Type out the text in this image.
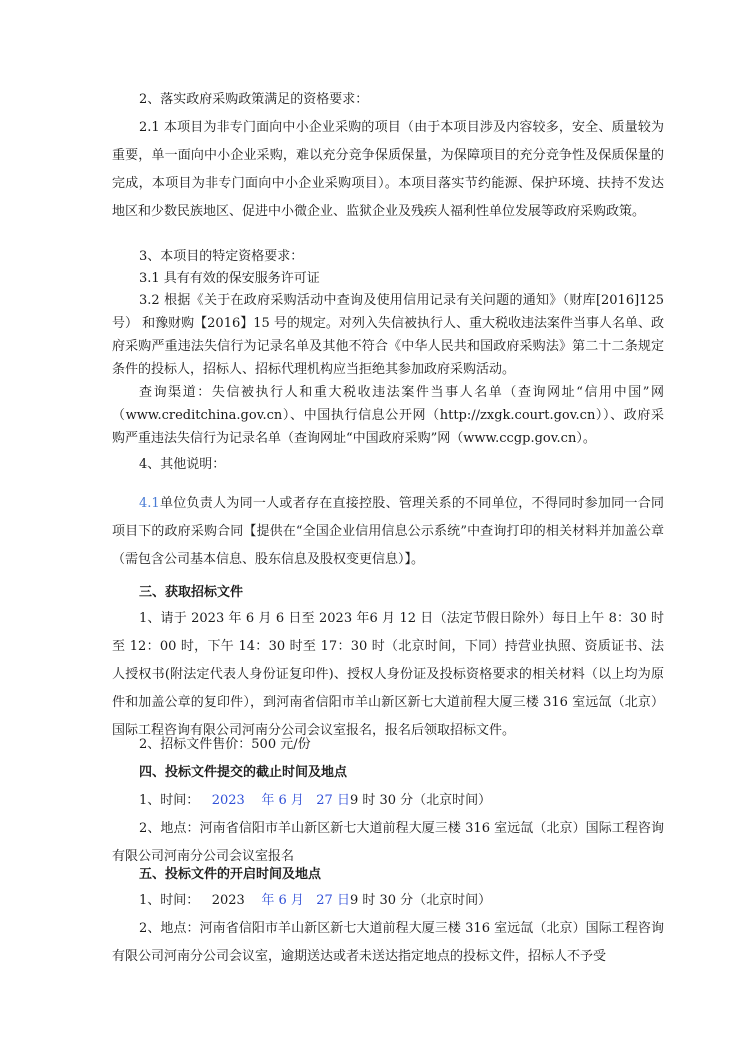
2、落实政府采购政策满足的资格要求：

2.1 本项目为非专门面向中小企业采购的项目（由于本项目涉及内容较多，安全、质量较为重要，单一面向中小企业采购，难以充分竞争保质保量，为保障项目的充分竞争性及保质保量的完成，本项目为非专门面向中小企业采购项目）。本项目落实节约能源、保护环境、扶持不发达地区和少数民族地区、促进中小微企业、监狱企业及残疾人福利性单位发展等政府采购政策。

3、本项目的特定资格要求：

3.1 具有有效的保安服务许可证

3.2 根据《关于在政府采购活动中查询及使用信用记录有关问题的通知》（财库[2016]125 号） 和豫财购【2016】15 号的规定。对列入失信被执行人、重大税收违法案件当事人名单、政府采购严重违法失信行为记录名单及其他不符合《中华人民共和国政府采购法》第二十二条规定条件的投标人，招标人、招标代理机构应当拒绝其参加政府采购活动。

查询渠道：失信被执行人和重大税收违法案件当事人名单（查询网址“信用中国”网（www.creditchina.gov.cn）、中国执行信息公开网（http://zxgk.court.gov.cn））、政府采购严重违法失信行为记录名单（查询网址“中国政府采购”网（www.ccgp.gov.cn）。

4、其他说明：

4.1单位负责人为同一人或者存在直接控股、管理关系的不同单位，不得同时参加同一合同项目下的政府采购合同【提供在“全国企业信用信息公示系统”中查询打印的相关材料并加盖公章（需包含公司基本信息、股东信息及股权变更信息）】。

三、获取招标文件

1、请于 2023 年 6 月 6 日至 2023 年6 月 12 日（法定节假日除外）每日上午 8：30 时至 12：00 时，下午 14：30 时至 17：30 时（北京时间，下同）持营业执照、资质证书、法人授权书(附法定代表人身份证复印件)、授权人身份证及投标资格要求的相关材料（以上均为原件和加盖公章的复印件），到河南省信阳市羊山新区新七大道前程大厦三楼 316 室远氙（北京）国际工程咨询有限公司河南分公司会议室报名，报名后领取招标文件。

2、招标文件售价：500 元/份

四、投标文件提交的截止时间及地点

1、时间： 2023 年 6 月 27 日9 时 30 分（北京时间）

2、地点：河南省信阳市羊山新区新七大道前程大厦三楼 316 室远氙（北京）国际工程咨询有限公司河南分公司会议室报名

五、投标文件的开启时间及地点

1、时间： 2023 年 6 月 27 日9 时 30 分（北京时间）

2、地点：河南省信阳市羊山新区新七大道前程大厦三楼 316 室远氙（北京）国际工程咨询有限公司河南分公司会议室，逾期送达或者未送达指定地点的投标文件，招标人不予受
